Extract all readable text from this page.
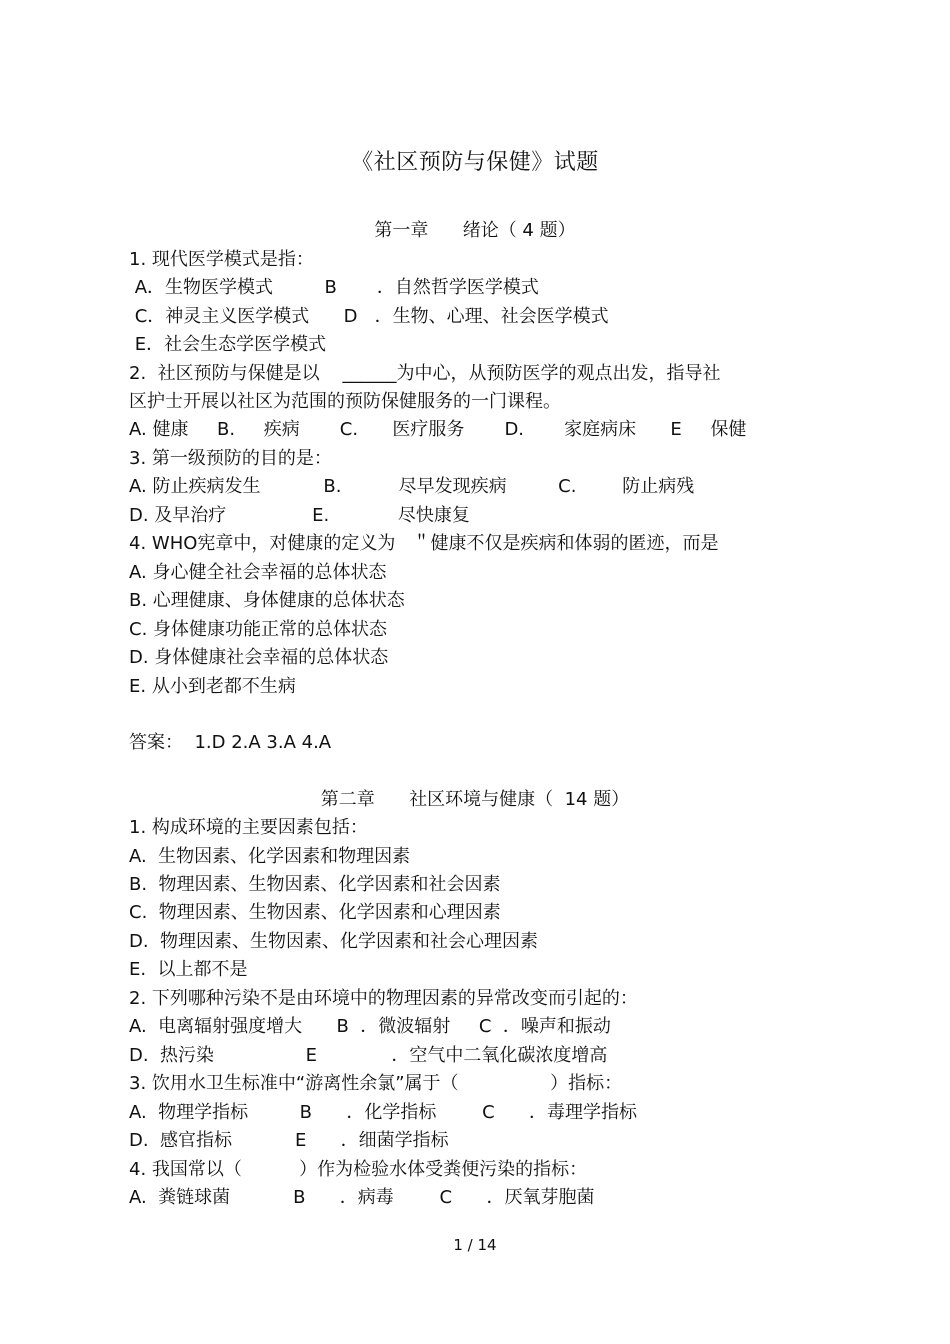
《社区预防与保健》试题
第一章      绪论（ 4 题）
1. 现代医学模式是指：
A．生物医学模式         B       ．自然哲学医学模式
C．神灵主义医学模式      D   ．生物、心理、社会医学模式
E．社会生态学医学模式
2.  社区预防与保健是以    ______为中心，从预防医学的观点出发，指导社
区护士开展以社区为范围的预防保健服务的一门课程。
A. 健康     B.     疾病       C.      医疗服务       D.       家庭病床      E     保健
3. 第一级预防的目的是：
A. 防止疾病发生           B.          尽早发现疾病         C.        防止病残
D. 及早治疗               E.            尽快康复
4. WHO宪章中，对健康的定义为   ＂健康不仅是疾病和体弱的匿迹，而是
A. 身心健全社会幸福的总体状态
B. 心理健康、身体健康的总体状态
C. 身体健康功能正常的总体状态
D. 身体健康社会幸福的总体状态
E. 从小到老都不生病
答案：  1.D 2.A 3.A 4.A
第二章      社区环境与健康（  14 题）
1. 构成环境的主要因素包括：
A.  生物因素、化学因素和物理因素
B.  物理因素、生物因素、化学因素和社会因素
C.  物理因素、生物因素、化学因素和心理因素
D.  物理因素、生物因素、化学因素和社会心理因素
E.  以上都不是
2. 下列哪种污染不是由环境中的物理因素的异常改变而引起的：
A.  电离辐射强度增大      B  ．微波辐射     C  ．噪声和振动
D.  热污染                E             ．空气中二氧化碳浓度增高
3. 饮用水卫生标准中“游离性余氯”属于（                ）指标：
A.  物理学指标         B      ．化学指标        C      ．毒理学指标
D.  感官指标           E      ．细菌学指标
4. 我国常以（          ）作为检验水体受粪便污染的指标：
A.  粪链球菌           B      ．病毒        C      ．厌氧芽胞菌
1 / 14
